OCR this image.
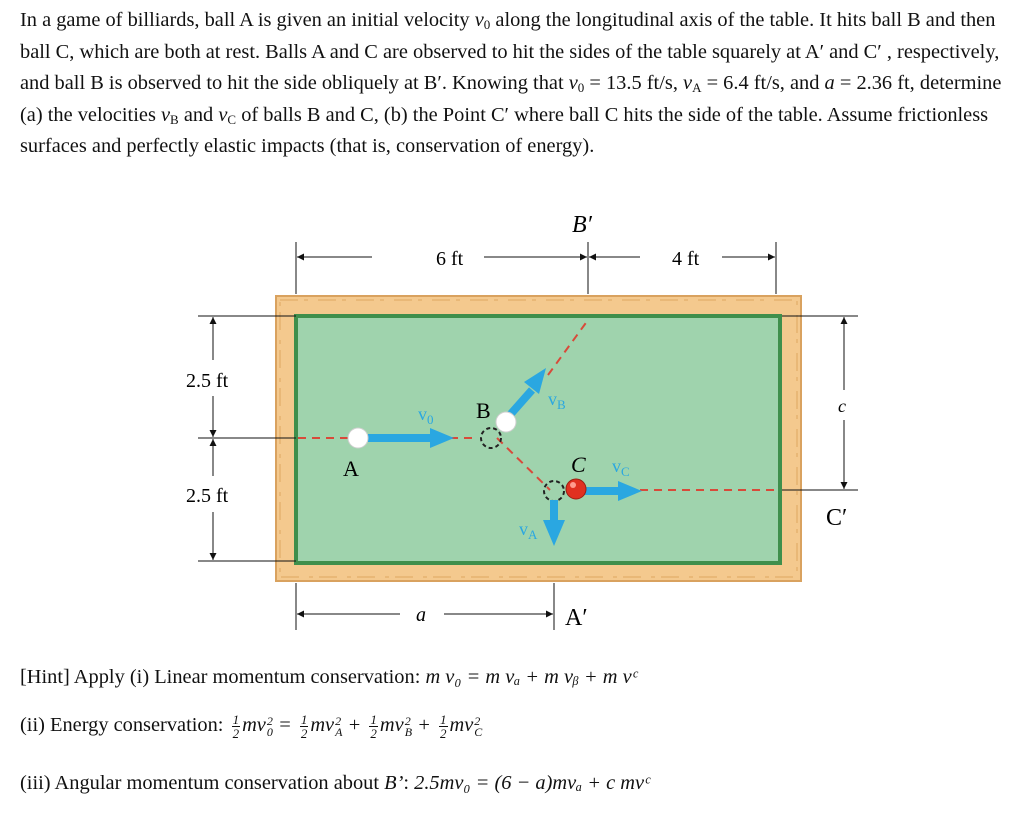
In a game of billiards, ball A is given an initial velocity $v_0$ along the longitudinal axis of the table. It hits ball B and then ball C, which are both at rest. Balls A and C are observed to hit the sides of the table squarely at A′ and C′ , respectively, and ball B is observed to hit the side obliquely at B′. Knowing that $v_0 = 13.5$ ft/s, $v_A = 6.4$ ft/s, and a = 2.36 ft, determine (a) the velocities $v_B$ and $v_C$ of balls B and C, (b) the Point C′ where ball C hits the side of the table. Assume frictionless surfaces and perfectly elastic impacts (that is, conservation of energy).

A
B
C
$v_0$
$v_B$
$v_C$
$v_A$
6 ft	4 ft
B′
2.5 ft
2.5 ft
a	A′
c
C′

[Hint] Apply (i) Linear momentum conservation: m v₀ = m vₐ + m vᵦ + m vᶜ

(ii) Energy conservation: $\frac{1}{2}$ mv 2
$0 = \frac{1}{2}$ mv 2
$A + \frac{1}{2}$ mv 2
$B + \frac{1}{2}$ mv 2
C

(iii) Angular momentum conservation about B’: 2.5mv₀ = (6 − a)mvₐ + c mvᶜ
